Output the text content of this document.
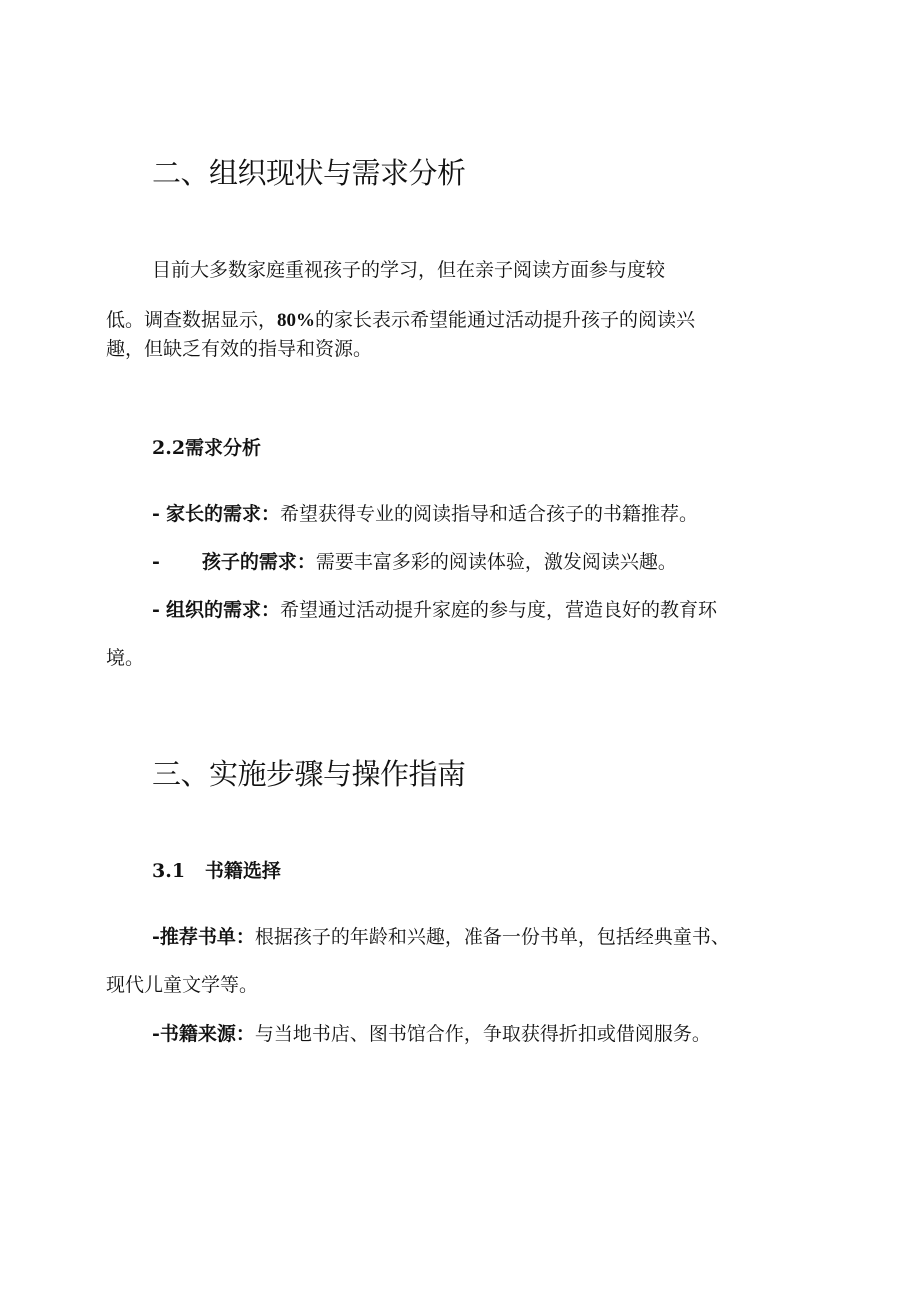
二、组织现状与需求分析

目前大多数家庭重视孩子的学习，但在亲子阅读方面参与度较

低。调查数据显示，80%的家长表示希望能通过活动提升孩子的阅读兴

趣，但缺乏有效的指导和资源。

2.2需求分析

- 家长的需求：希望获得专业的阅读指导和适合孩子的书籍推荐。

- 孩子的需求：需要丰富多彩的阅读体验，激发阅读兴趣。

- 组织的需求：希望通过活动提升家庭的参与度，营造良好的教育环

境。

三、实施步骤与操作指南
3.1 书籍选择

-推荐书单：根据孩子的年龄和兴趣，准备一份书单，包括经典童书、

现代儿童文学等。

-书籍来源：与当地书店、图书馆合作，争取获得折扣或借阅服务。
